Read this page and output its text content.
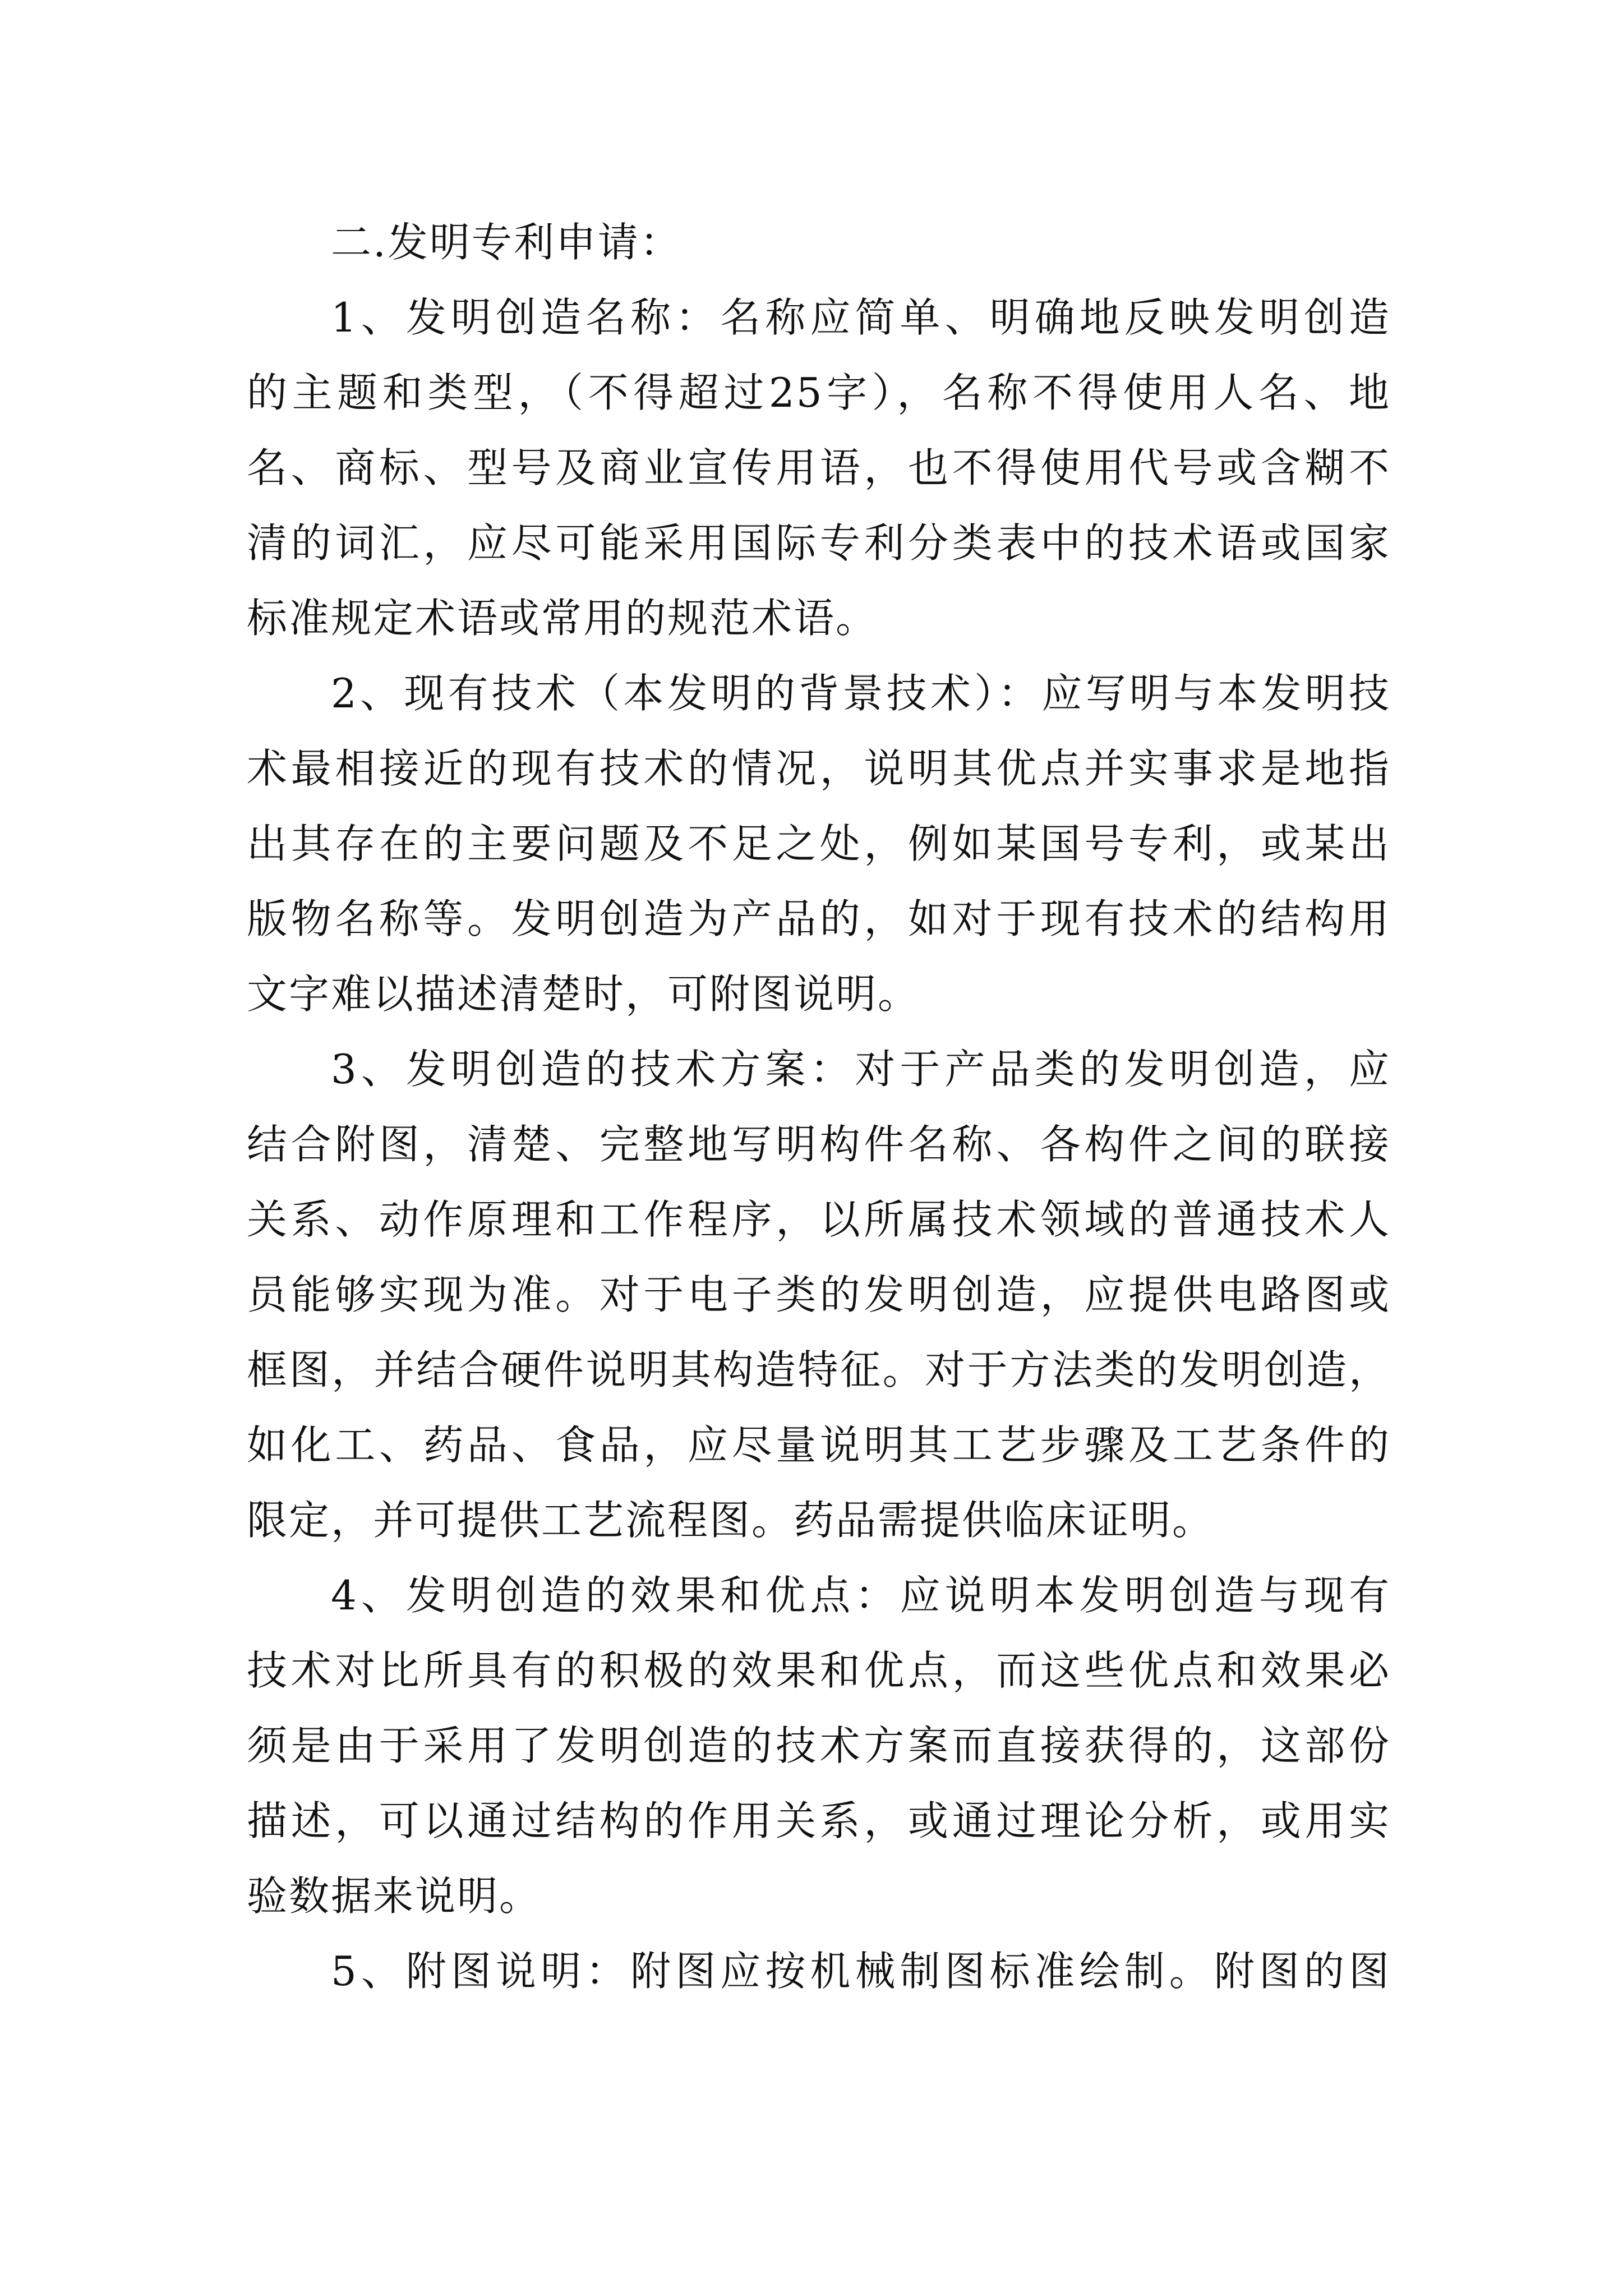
二.发明专利申请：
1、发明创造名称：名称应简单、明确地反映发明创造
的主题和类型，（不得超过25字），名称不得使用人名、地
名、商标、型号及商业宣传用语，也不得使用代号或含糊不
清的词汇，应尽可能采用国际专利分类表中的技术语或国家
标准规定术语或常用的规范术语。
2、现有技术（本发明的背景技术）：应写明与本发明技
术最相接近的现有技术的情况，说明其优点并实事求是地指
出其存在的主要问题及不足之处，例如某国号专利，或某出
版物名称等。发明创造为产品的，如对于现有技术的结构用
文字难以描述清楚时，可附图说明。
3、发明创造的技术方案：对于产品类的发明创造，应
结合附图，清楚、完整地写明构件名称、各构件之间的联接
关系、动作原理和工作程序，以所属技术领域的普通技术人
员能够实现为准。对于电子类的发明创造，应提供电路图或
框图，并结合硬件说明其构造特征。对于方法类的发明创造，
如化工、药品、食品，应尽量说明其工艺步骤及工艺条件的
限定，并可提供工艺流程图。药品需提供临床证明。
4、发明创造的效果和优点：应说明本发明创造与现有
技术对比所具有的积极的效果和优点，而这些优点和效果必
须是由于采用了发明创造的技术方案而直接获得的，这部份
描述，可以通过结构的作用关系，或通过理论分析，或用实
验数据来说明。
5、附图说明：附图应按机械制图标准绘制。附图的图
